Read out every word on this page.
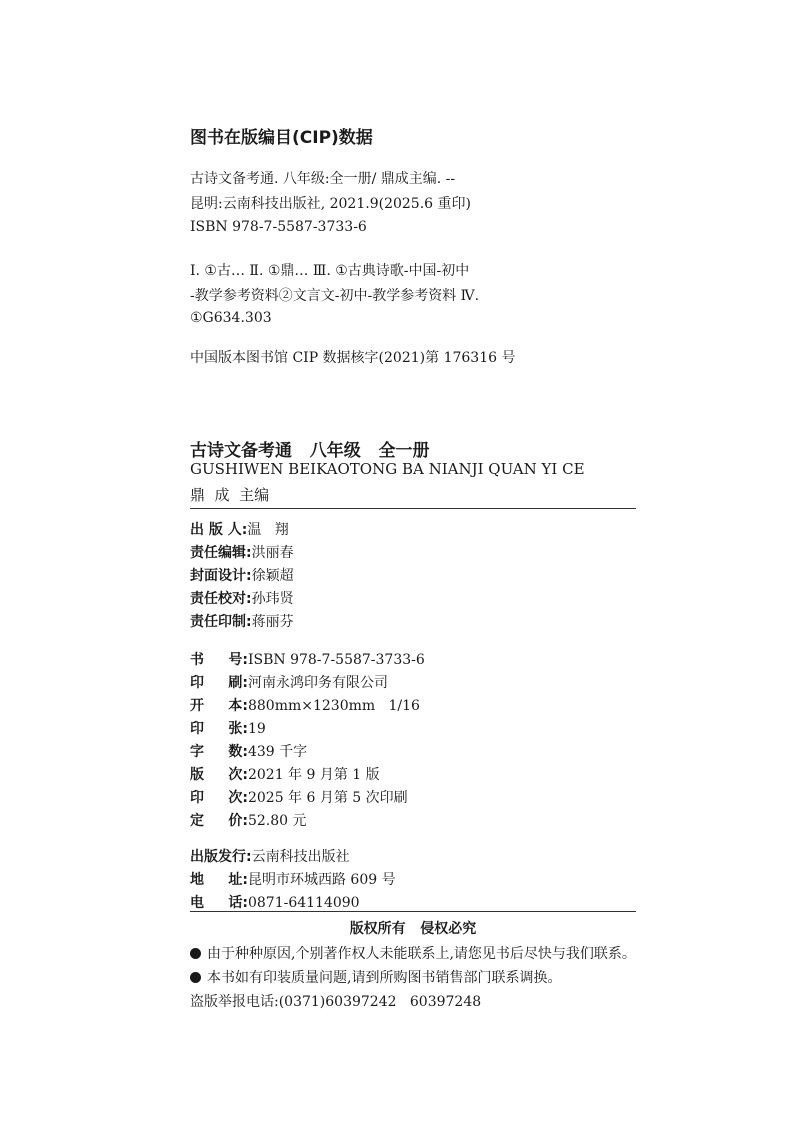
图书在版编目(CIP)数据
古诗文备考通. 八年级:全一册/ 鼎成主编. --
昆明:云南科技出版社, 2021.9(2025.6 重印)
ISBN 978-7-5587-3733-6
Ⅰ. ①古… Ⅱ. ①鼎… Ⅲ. ①古典诗歌-中国-初中
-教学参考资料②文言文-初中-教学参考资料 Ⅳ.
①G634.303
中国版本图书馆 CIP 数据核字(2021)第 176316 号
古诗文备考通   八年级   全一册
GUSHIWEN BEIKAOTONG BA NIANJI QUAN YI CE
鼎  成  主编
出 版 人:温   翔
责任编辑:洪丽春
封面设计:徐颖超
责任校对:孙玮贤
责任印制:蒋丽芬
书     号:ISBN 978-7-5587-3733-6
印     刷:河南永鸿印务有限公司
开     本:880mm×1230mm   1/16
印     张:19
字     数:439 千字
版     次:2021 年 9 月第 1 版
印     次:2025 年 6 月第 5 次印刷
定     价:52.80 元
出版发行:云南科技出版社
地     址:昆明市环城西路 609 号
电     话:0871-64114090
版权所有   侵权必究
由于种种原因,个别著作权人未能联系上,请您见书后尽快与我们联系。
本书如有印装质量问题,请到所购图书销售部门联系调换。
盗版举报电话:(0371)60397242   60397248
